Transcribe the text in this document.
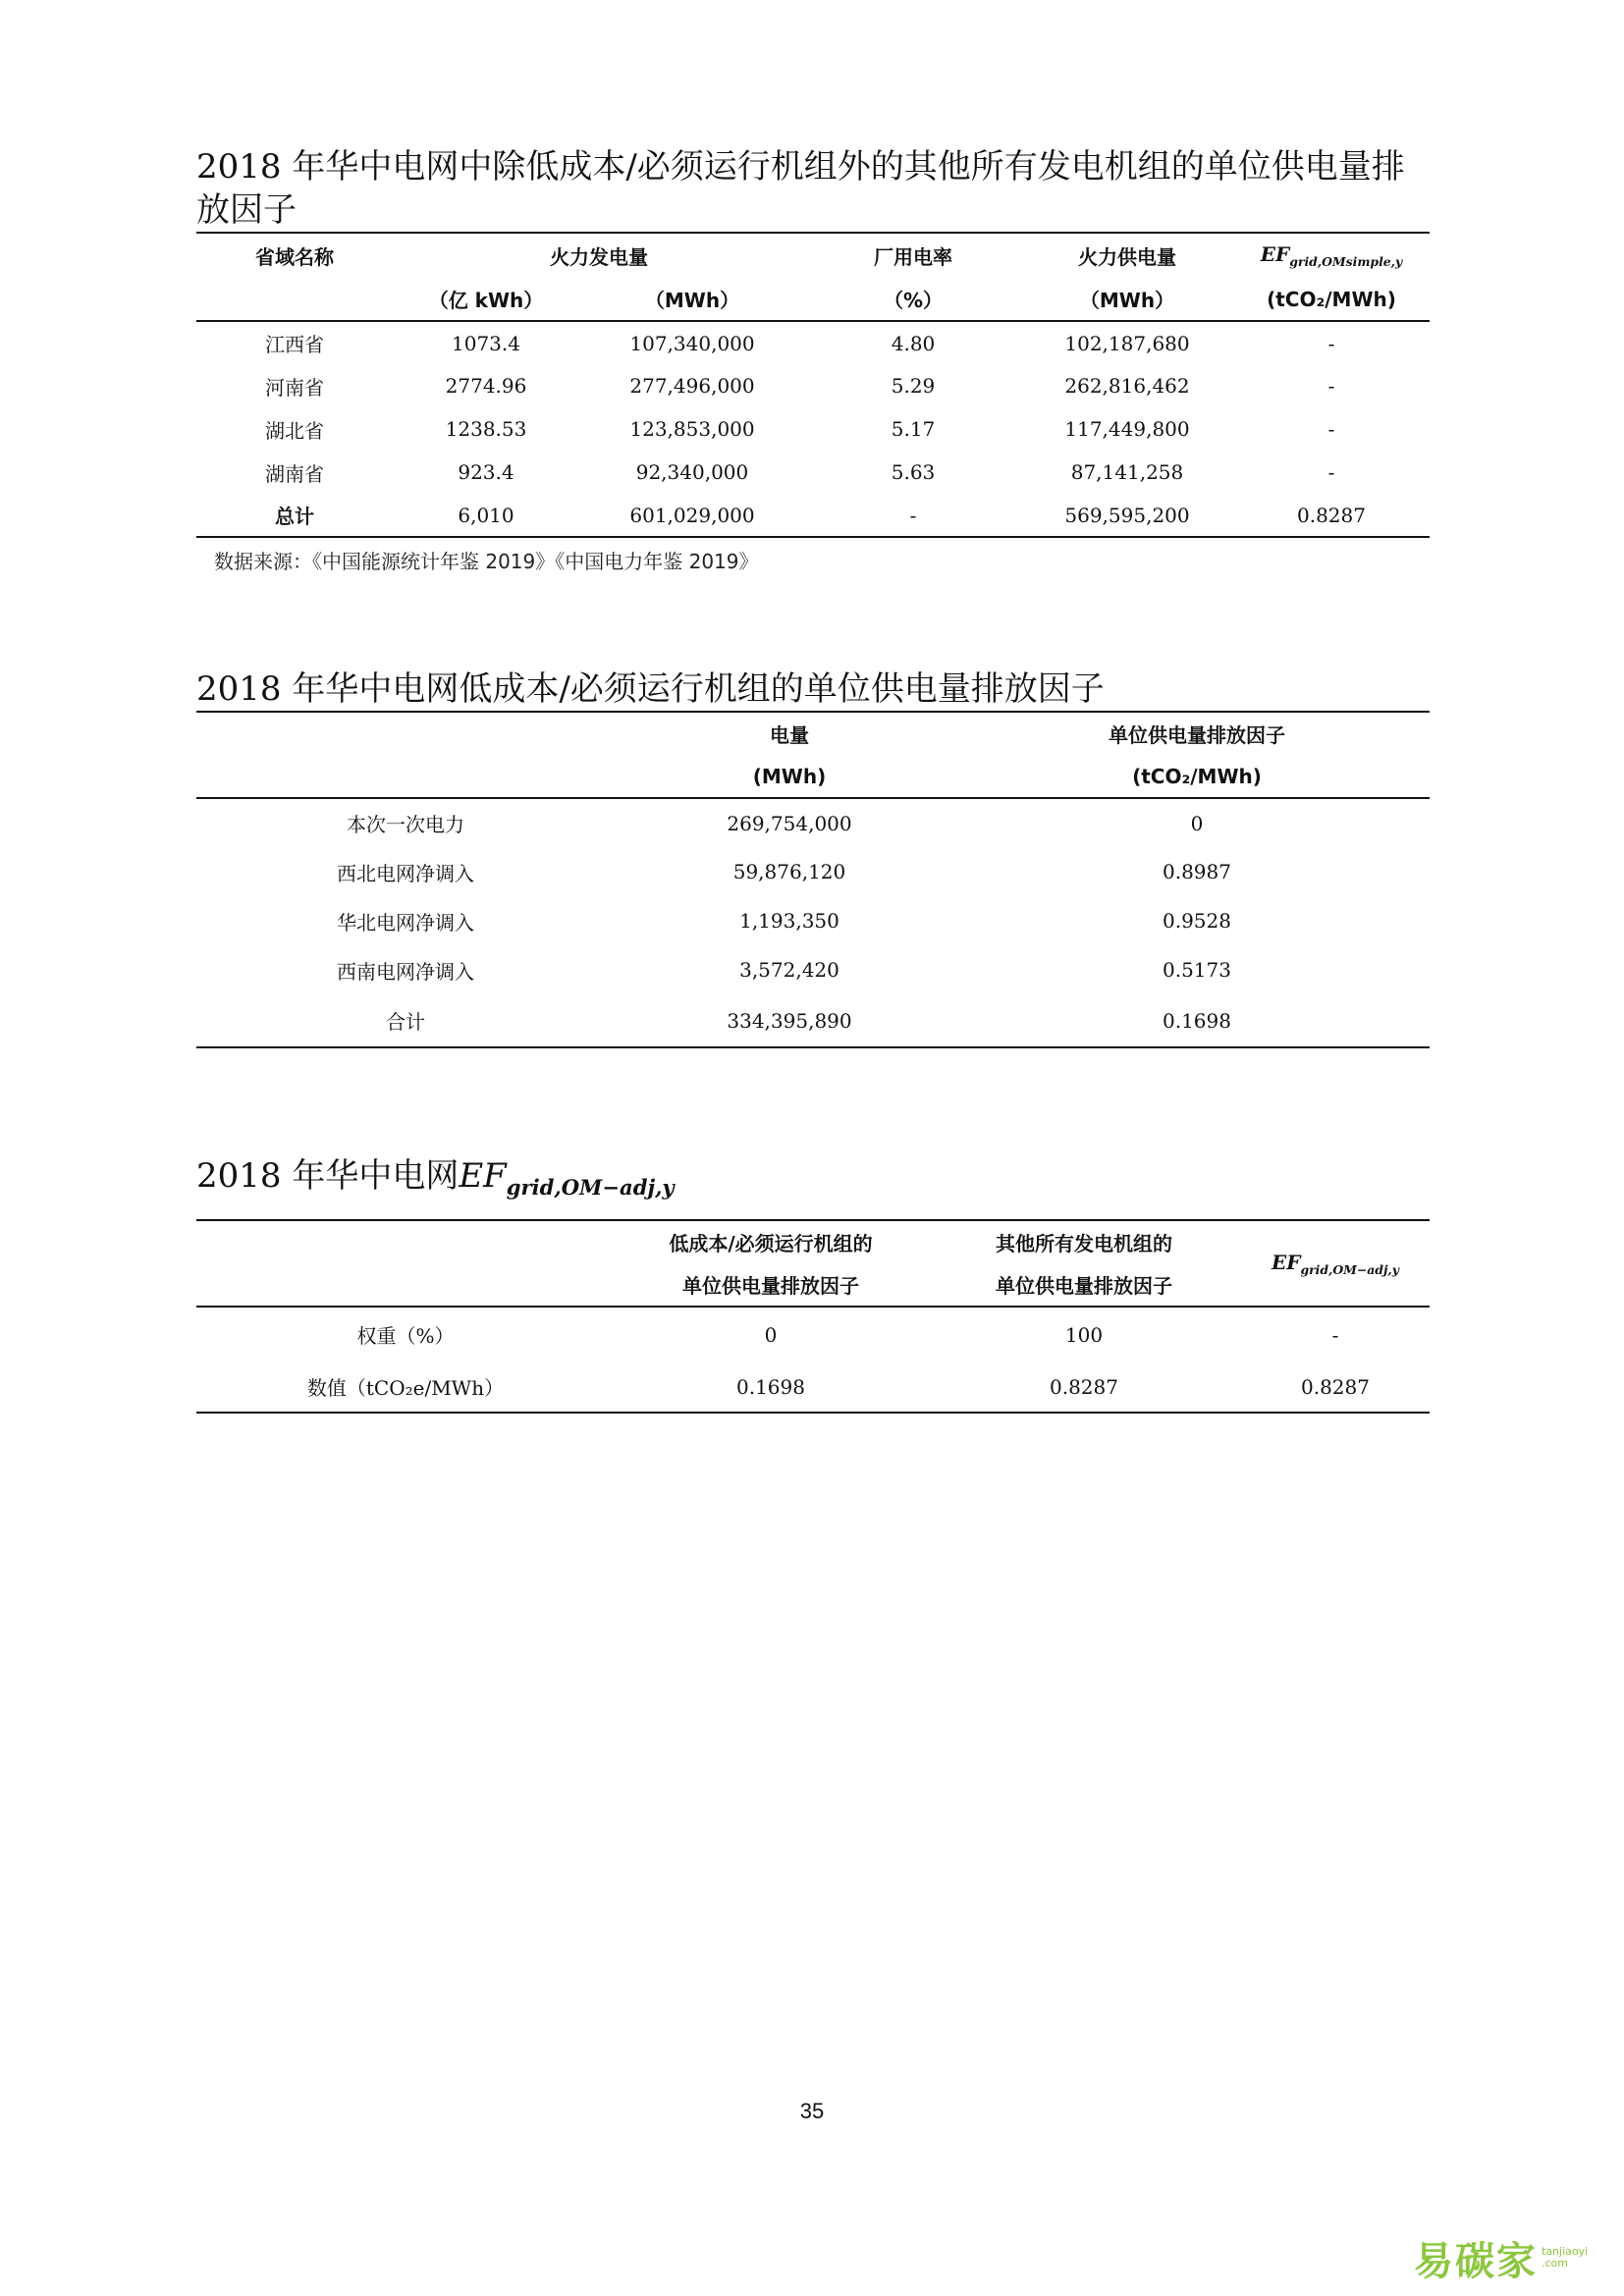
2018 年华中电网中除低成本/必须运行机组外的其他所有发电机组的单位供电量排放因子
省域名称	火力发电量		厂用电率	火力供电量	$EF_{grid,OMsimple,y}$
	（亿 kWh）	（MWh）	（%）	（MWh）	(tCO₂/MWh)
江西省	1073.4	107,340,000	4.80	102,187,680	-
河南省	2774.96	277,496,000	5.29	262,816,462	-
湖北省	1238.53	123,853,000	5.17	117,449,800	-
湖南省	923.4	92,340,000	5.63	87,141,258	-
总计	6,010	601,029,000	-	569,595,200	0.8287
数据来源：《中国能源统计年鉴 2019》《中国电力年鉴 2019》
2018 年华中电网低成本/必须运行机组的单位供电量排放因子
	电量	单位供电量排放因子
	(MWh)	(tCO₂/MWh)
本次一次电力	269,754,000	0
西北电网净调入	59,876,120	0.8987
华北电网净调入	1,193,350	0.9528
西南电网净调入	3,572,420	0.5173
合计	334,395,890	0.1698
2018 年华中电网$EF_{grid,OM-adj,y}$
	低成本/必须运行机组的	其他所有发电机组的	$EF_{grid,OM-adj,y}$
	单位供电量排放因子	单位供电量排放因子	
权重（%）	0	100	-
数值（tCO₂e/MWh）	0.1698	0.8287	0.8287
35
易碳家 tanjiaoyi
.com
